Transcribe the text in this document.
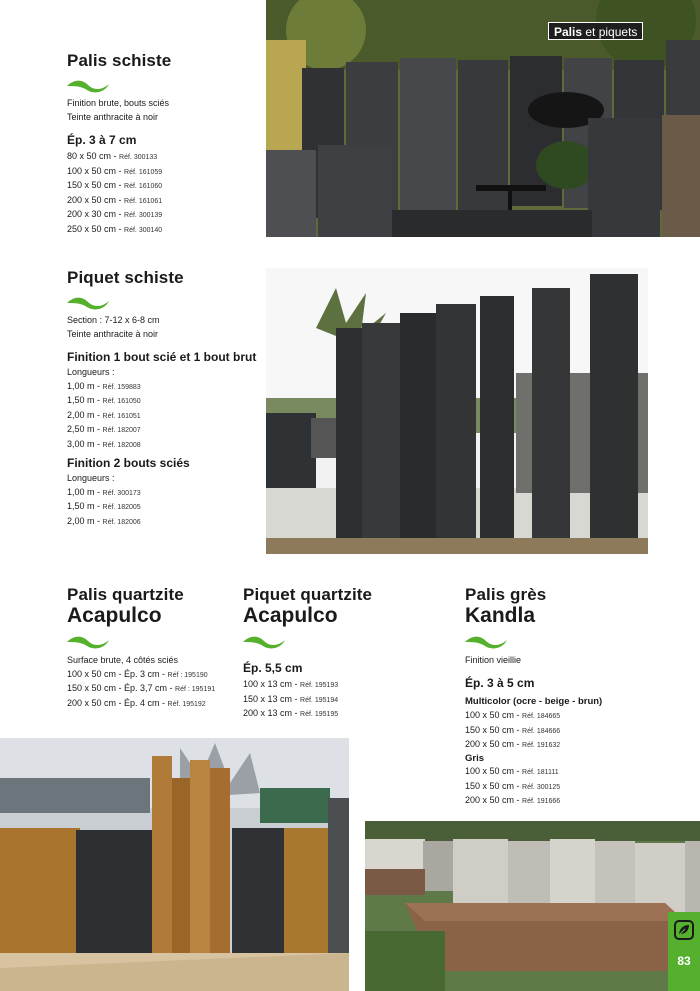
Palis et piquets
Palis schiste
Finition brute, bouts sciés
Teinte anthracite à noir
Ép. 3 à 7 cm
80 x 50 cm - Réf. 300133
100 x 50 cm - Réf. 161059
150 x 50 cm - Réf. 161060
200 x 50 cm - Réf. 161061
200 x 30 cm - Réf. 300139
250 x 50 cm - Réf. 300140
Piquet schiste
Section : 7-12 x 6-8 cm
Teinte anthracite à noir
Finition 1 bout scié et 1 bout brut
Longueurs :
1,00 m - Réf. 159883
1,50 m - Réf. 161050
2,00 m - Réf. 161051
2,50 m - Réf. 182007
3,00 m - Réf. 182008
Finition 2 bouts sciés
Longueurs :
1,00 m - Réf. 300173
1,50 m - Réf. 182005
2,00 m - Réf. 182006
Palis quartzite
Acapulco
Surface brute, 4 côtés sciés
100 x 50 cm - Ép. 3 cm - Réf : 195190
150 x 50 cm - Ép. 3,7 cm - Réf : 195191
200 x 50 cm - Ép. 4 cm - Réf. 195192
Piquet quartzite
Acapulco
Ép. 5,5 cm
100 x 13 cm - Réf. 195193
150 x 13 cm - Réf. 195194
200 x 13 cm - Réf. 195195
Palis grès
Kandla
Finition vieillie
Ép. 3 à 5 cm
Multicolor (ocre - beige - brun)
100 x 50 cm - Réf. 184665
150 x 50 cm - Réf. 184666
200 x 50 cm - Réf. 191632
Gris
100 x 50 cm - Réf. 181111
150 x 50 cm - Réf. 300125
200 x 50 cm - Réf. 191666
83
